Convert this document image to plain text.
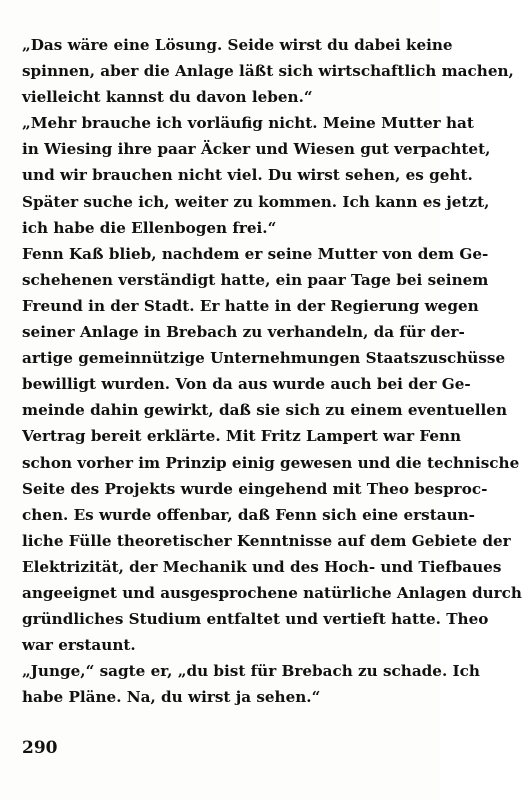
„Das wäre eine Lösung. Seide wirst du dabei keine
spinnen, aber die Anlage läßt sich wirtschaftlich machen,
vielleicht kannst du davon leben.“
„Mehr brauche ich vorläufig nicht. Meine Mutter hat
in Wiesing ihre paar Äcker und Wiesen gut verpachtet,
und wir brauchen nicht viel. Du wirst sehen, es geht.
Später suche ich, weiter zu kommen. Ich kann es jetzt,
ich habe die Ellenbogen frei.“
Fenn Kaß blieb, nachdem er seine Mutter von dem Ge-
schehenen verständigt hatte, ein paar Tage bei seinem
Freund in der Stadt. Er hatte in der Regierung wegen
seiner Anlage in Brebach zu verhandeln, da für der-
artige gemeinnützige Unternehmungen Staatszuschüsse
bewilligt wurden. Von da aus wurde auch bei der Ge-
meinde dahin gewirkt, daß sie sich zu einem eventuellen
Vertrag bereit erklärte. Mit Fritz Lampert war Fenn
schon vorher im Prinzip einig gewesen und die technische
Seite des Projekts wurde eingehend mit Theo besproc-
chen. Es wurde offenbar, daß Fenn sich eine erstaun-
liche Fülle theoretischer Kenntnisse auf dem Gebiete der
Elektrizität, der Mechanik und des Hoch- und Tiefbaues
angeeignet und ausgesprochene natürliche Anlagen durch
gründliches Studium entfaltet und vertieft hatte. Theo
war erstaunt.
„Junge,“ sagte er, „du bist für Brebach zu schade. Ich
habe Pläne. Na, du wirst ja sehen.“
290
